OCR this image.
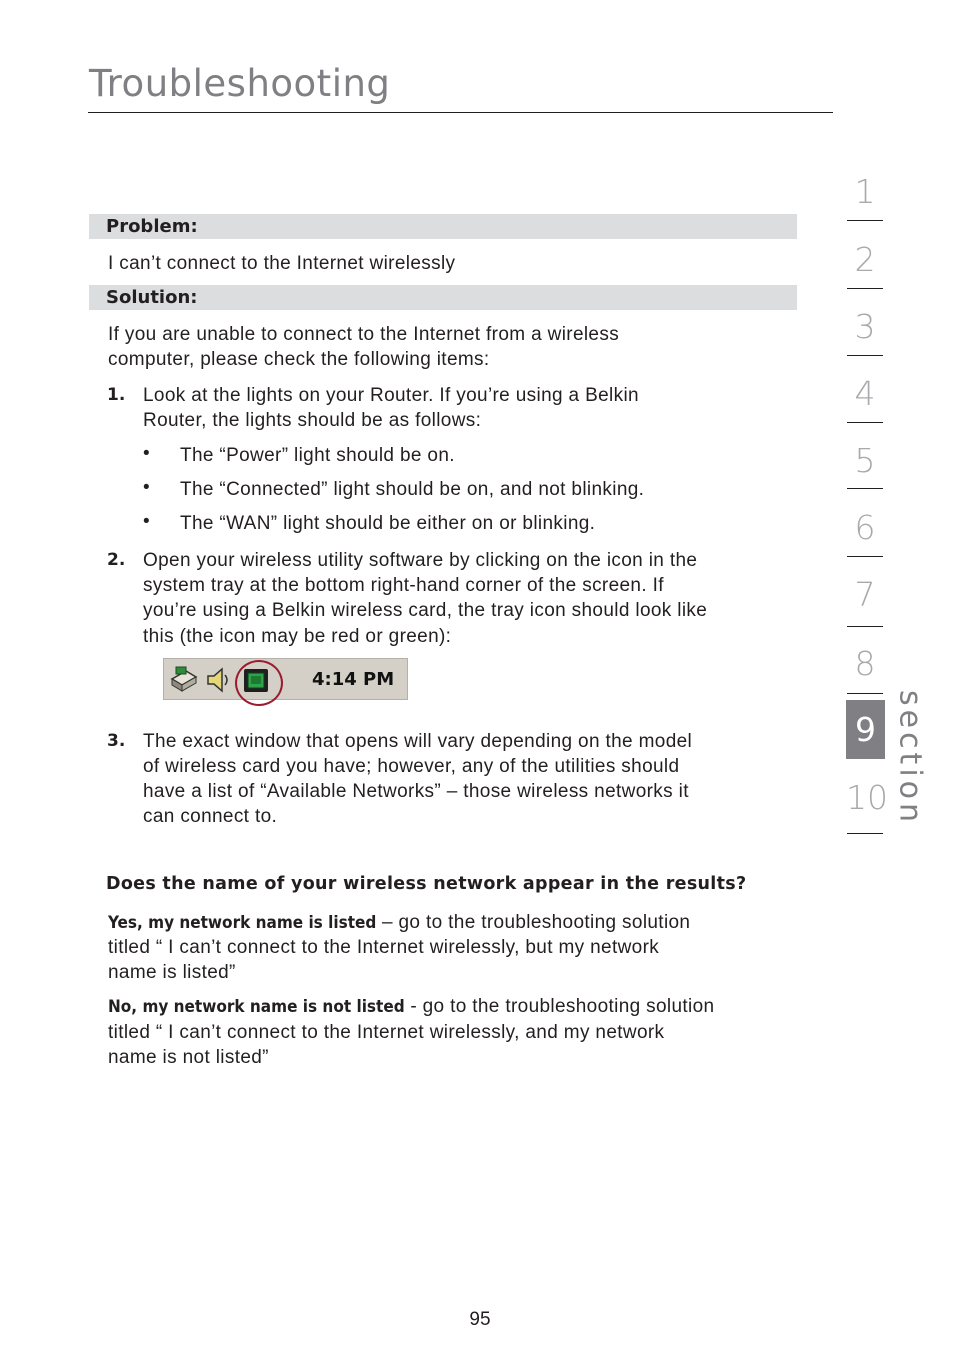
Troubleshooting
Problem:
I can’t connect to the Internet wirelessly
Solution:
If you are unable to connect to the Internet from a wireless
computer, please check the following items:
1. Look at the lights on your Router. If you’re using a Belkin
Router, the lights should be as follows:
• The “Power” light should be on.
• The “Connected” light should be on, and not blinking.
• The “WAN” light should be either on or blinking.
2. Open your wireless utility software by clicking on the icon in the
system tray at the bottom right-hand corner of the screen. If
you’re using a Belkin wireless card, the tray icon should look like
this (the icon may be red or green):
4:14 PM
3. The exact window that opens will vary depending on the model
of wireless card you have; however, any of the utilities should
have a list of “Available Networks” – those wireless networks it
can connect to.
Does the name of your wireless network appear in the results?
Yes, my network name is listed – go to the troubleshooting solution
titled “ I can’t connect to the Internet wirelessly, but my network
name is listed”
No, my network name is not listed - go to the troubleshooting solution
titled “ I can’t connect to the Internet wirelessly, and my network
name is not listed”
1
2
3
4
5
6
7
8
9
10 section
95
